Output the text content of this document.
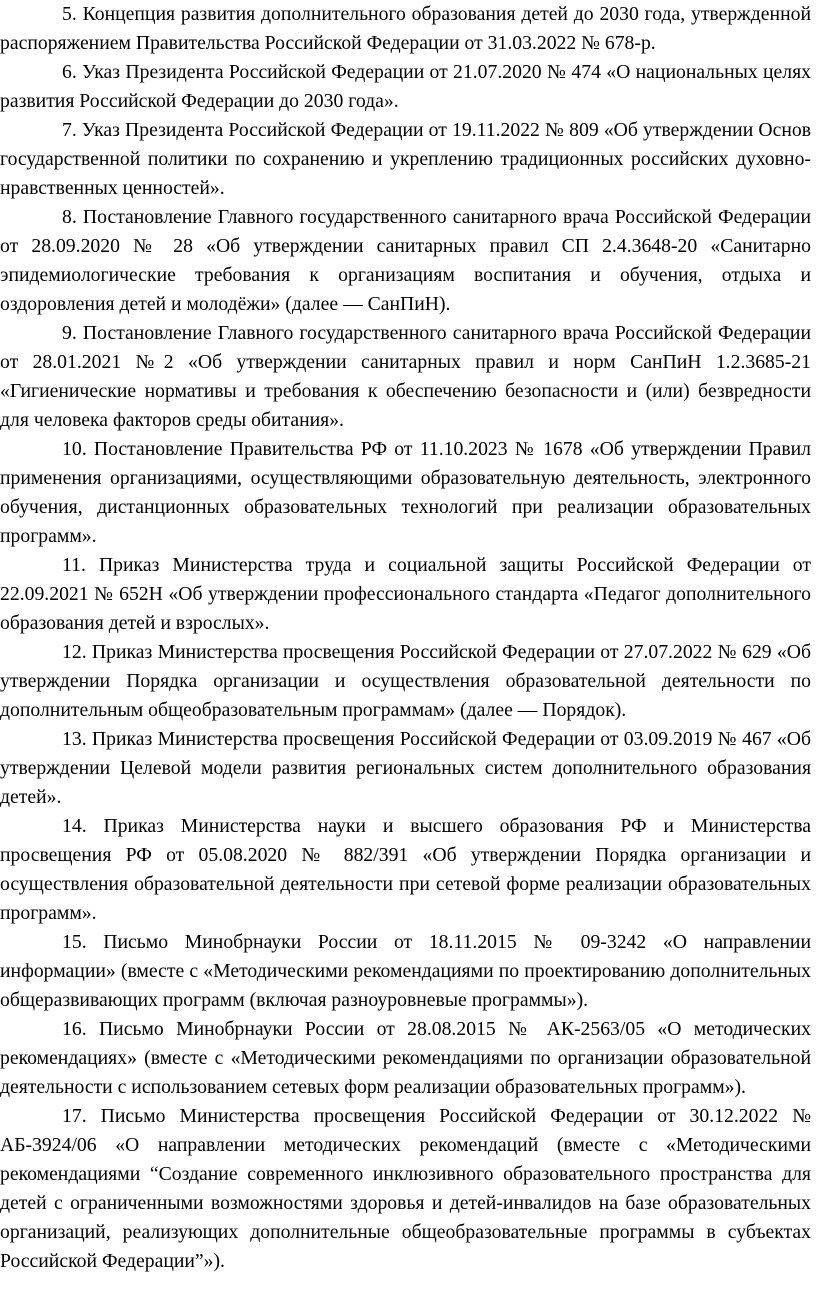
5. Концепция развития дополнительного образования детей до 2030 года, утвержденной распоряжением Правительства Российской Федерации от 31.03.2022 № 678-р.

6. Указ Президента Российской Федерации от 21.07.2020 № 474 «О национальных целях развития Российской Федерации до 2030 года».

7. Указ Президента Российской Федерации от 19.11.2022 № 809 «Об утверждении Основ государственной политики по сохранению и укреплению традиционных российских духовно-нравственных ценностей».

8. Постановление Главного государственного санитарного врача Российской Федерации от 28.09.2020 № 28 «Об утверждении санитарных правил СП 2.4.3648-20 «Санитарно эпидемиологические требования к организациям воспитания и обучения, отдыха и оздоровления детей и молодёжи» (далее — СанПиН).

9. Постановление Главного государственного санитарного врача Российской Федерации от 28.01.2021 №2 «Об утверждении санитарных правил и норм СанПиН 1.2.3685-21 «Гигиенические нормативы и требования к обеспечению безопасности и (или) безвредности для человека факторов среды обитания».

10. Постановление Правительства РФ от 11.10.2023 № 1678 «Об утверждении Правил применения организациями, осуществляющими образовательную деятельность, электронного обучения, дистанционных образовательных технологий при реализации образовательных программ».

11. Приказ Министерства труда и социальной защиты Российской Федерации от 22.09.2021 № 652Н «Об утверждении профессионального стандарта «Педагог дополнительного образования детей и взрослых».

12. Приказ Министерства просвещения Российской Федерации от 27.07.2022 № 629 «Об утверждении Порядка организации и осуществления образовательной деятельности по дополнительным общеобразовательным программам» (далее — Порядок).

13. Приказ Министерства просвещения Российской Федерации от 03.09.2019 № 467 «Об утверждении Целевой модели развития региональных систем дополнительного образования детей».

14. Приказ Министерства науки и высшего образования РФ и Министерства просвещения РФ от 05.08.2020 № 882/391 «Об утверждении Порядка организации и осуществления образовательной деятельности при сетевой форме реализации образовательных программ».

15. Письмо Минобрнауки России от 18.11.2015 № 09-3242 «О направлении информации» (вместе с «Методическими рекомендациями по проектированию дополнительных общеразвивающих программ (включая разноуровневые программы»).

16. Письмо Минобрнауки России от 28.08.2015 № АК-2563/05 «О методических рекомендациях» (вместе с «Методическими рекомендациями по организации образовательной деятельности с использованием сетевых форм реализации образовательных программ»).

17. Письмо Министерства просвещения Российской Федерации от 30.12.2022 № АБ-3924/06 «О направлении методических рекомендаций (вместе с «Методическими рекомендациями “Создание современного инклюзивного образовательного пространства для детей с ограниченными возможностями здоровья и детей-инвалидов на базе образовательных организаций, реализующих дополнительные общеобразовательные программы в субъектах Российской Федерации”»).
